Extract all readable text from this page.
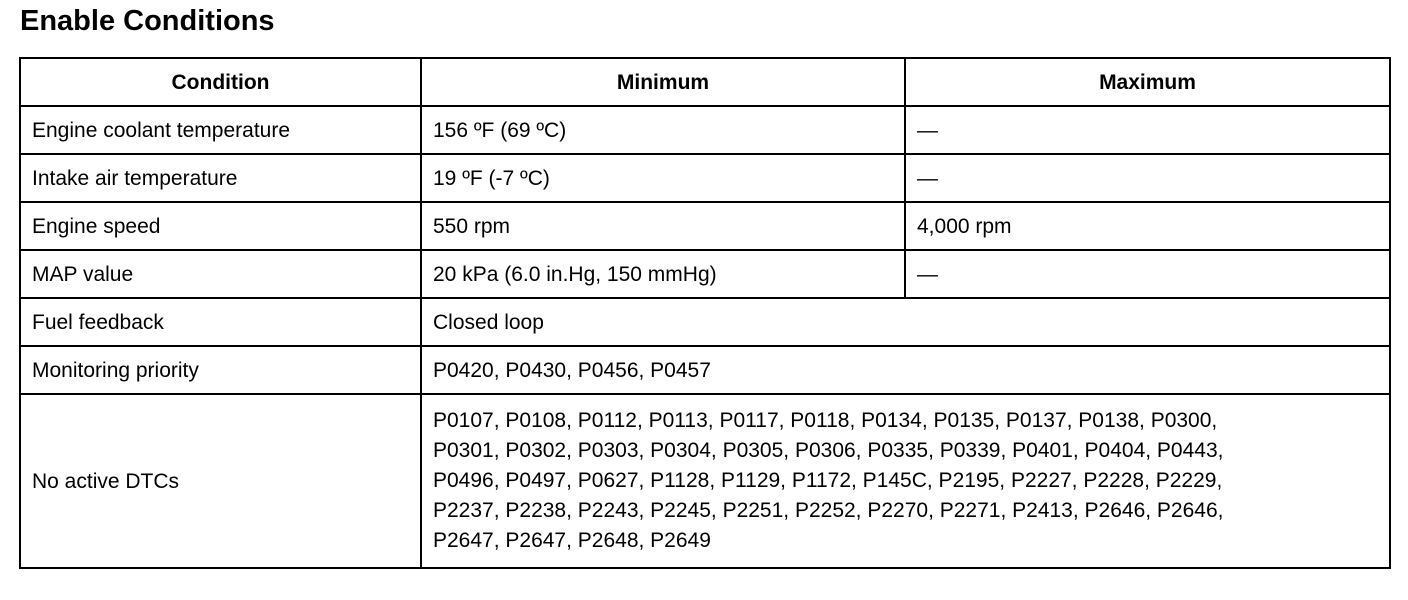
Enable Conditions
Condition	Minimum	Maximum
Engine coolant temperature	156 ºF (69 ºC)	—
Intake air temperature	19 ºF (-7 ºC)	—
Engine speed	550 rpm	4,000 rpm
MAP value	20 kPa (6.0 in.Hg, 150 mmHg)	—
Fuel feedback	Closed loop	
Monitoring priority	P0420, P0430, P0456, P0457	
No active DTCs	P0107, P0108, P0112, P0113, P0117, P0118, P0134, P0135, P0137, P0138, P0300,
P0301, P0302, P0303, P0304, P0305, P0306, P0335, P0339, P0401, P0404, P0443,
P0496, P0497, P0627, P1128, P1129, P1172, P145C, P2195, P2227, P2228, P2229,
P2237, P2238, P2243, P2245, P2251, P2252, P2270, P2271, P2413, P2646, P2646,
P2647, P2647, P2648, P2649	
